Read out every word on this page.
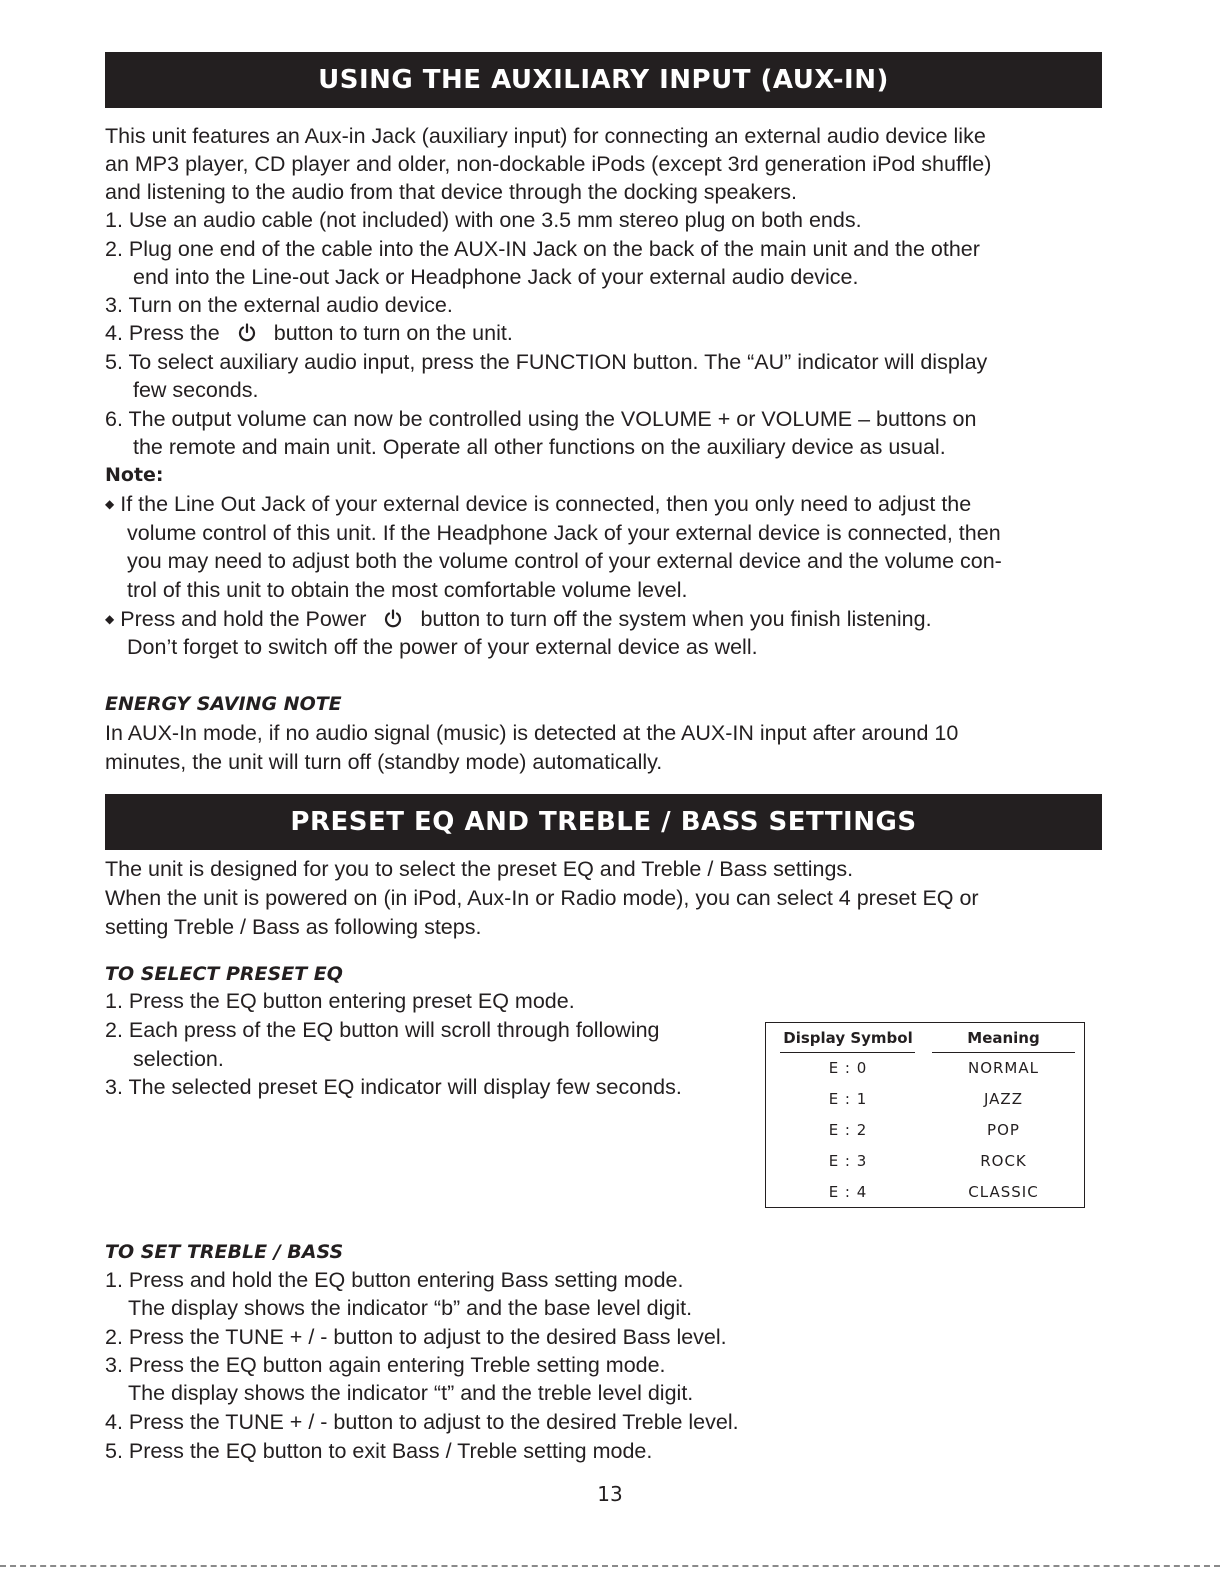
USING THE AUXILIARY INPUT (AUX-IN)
This unit features an Aux-in Jack (auxiliary input) for connecting an external audio device like
an MP3 player, CD player and older, non-dockable iPods (except 3rd generation iPod shuffle)
and listening to the audio from that device through the docking speakers.
1. Use an audio cable (not included) with one 3.5 mm stereo plug on both ends.
2. Plug one end of the cable into the AUX-IN Jack on the back of the main unit and the other
end into the Line-out Jack or Headphone Jack of your external audio device.
3. Turn on the external audio device.
4. Press the	button to turn on the unit.
5. To select auxiliary audio input, press the FUNCTION button. The “AU” indicator will display
few seconds.
6. The output volume can now be controlled using the VOLUME + or VOLUME – buttons on
the remote and main unit. Operate all other functions on the auxiliary device as usual.
Note:
◆ If the Line Out Jack of your external device is connected, then you only need to adjust the
volume control of this unit. If the Headphone Jack of your external device is connected, then
you may need to adjust both the volume control of your external device and the volume con-
trol of this unit to obtain the most comfortable volume level.
◆ Press and hold the Power	button to turn off the system when you finish listening.
Don’t forget to switch off the power of your external device as well.
ENERGY SAVING NOTE
In AUX-In mode, if no audio signal (music) is detected at the AUX-IN input after around 10
minutes, the unit will turn off (standby mode) automatically.
PRESET EQ AND TREBLE / BASS SETTINGS
The unit is designed for you to select the preset EQ and Treble / Bass settings.
When the unit is powered on (in iPod, Aux-In or Radio mode), you can select 4 preset EQ or
setting Treble / Bass as following steps.
TO SELECT PRESET EQ
1. Press the EQ button entering preset EQ mode.
2. Each press of the EQ button will scroll through following
selection.
3. The selected preset EQ indicator will display few seconds.
Display Symbol	Meaning
E : 0	NORMAL
E : 1	JAZZ
E : 2	POP
E : 3	ROCK
E : 4	CLASSIC
TO SET TREBLE / BASS
1. Press and hold the EQ button entering Bass setting mode.
The display shows the indicator “b” and the base level digit.
2. Press the TUNE + / - button to adjust to the desired Bass level.
3. Press the EQ button again entering Treble setting mode.
The display shows the indicator “t” and the treble level digit.
4. Press the TUNE + / - button to adjust to the desired Treble level.
5. Press the EQ button to exit Bass / Treble setting mode.
13
